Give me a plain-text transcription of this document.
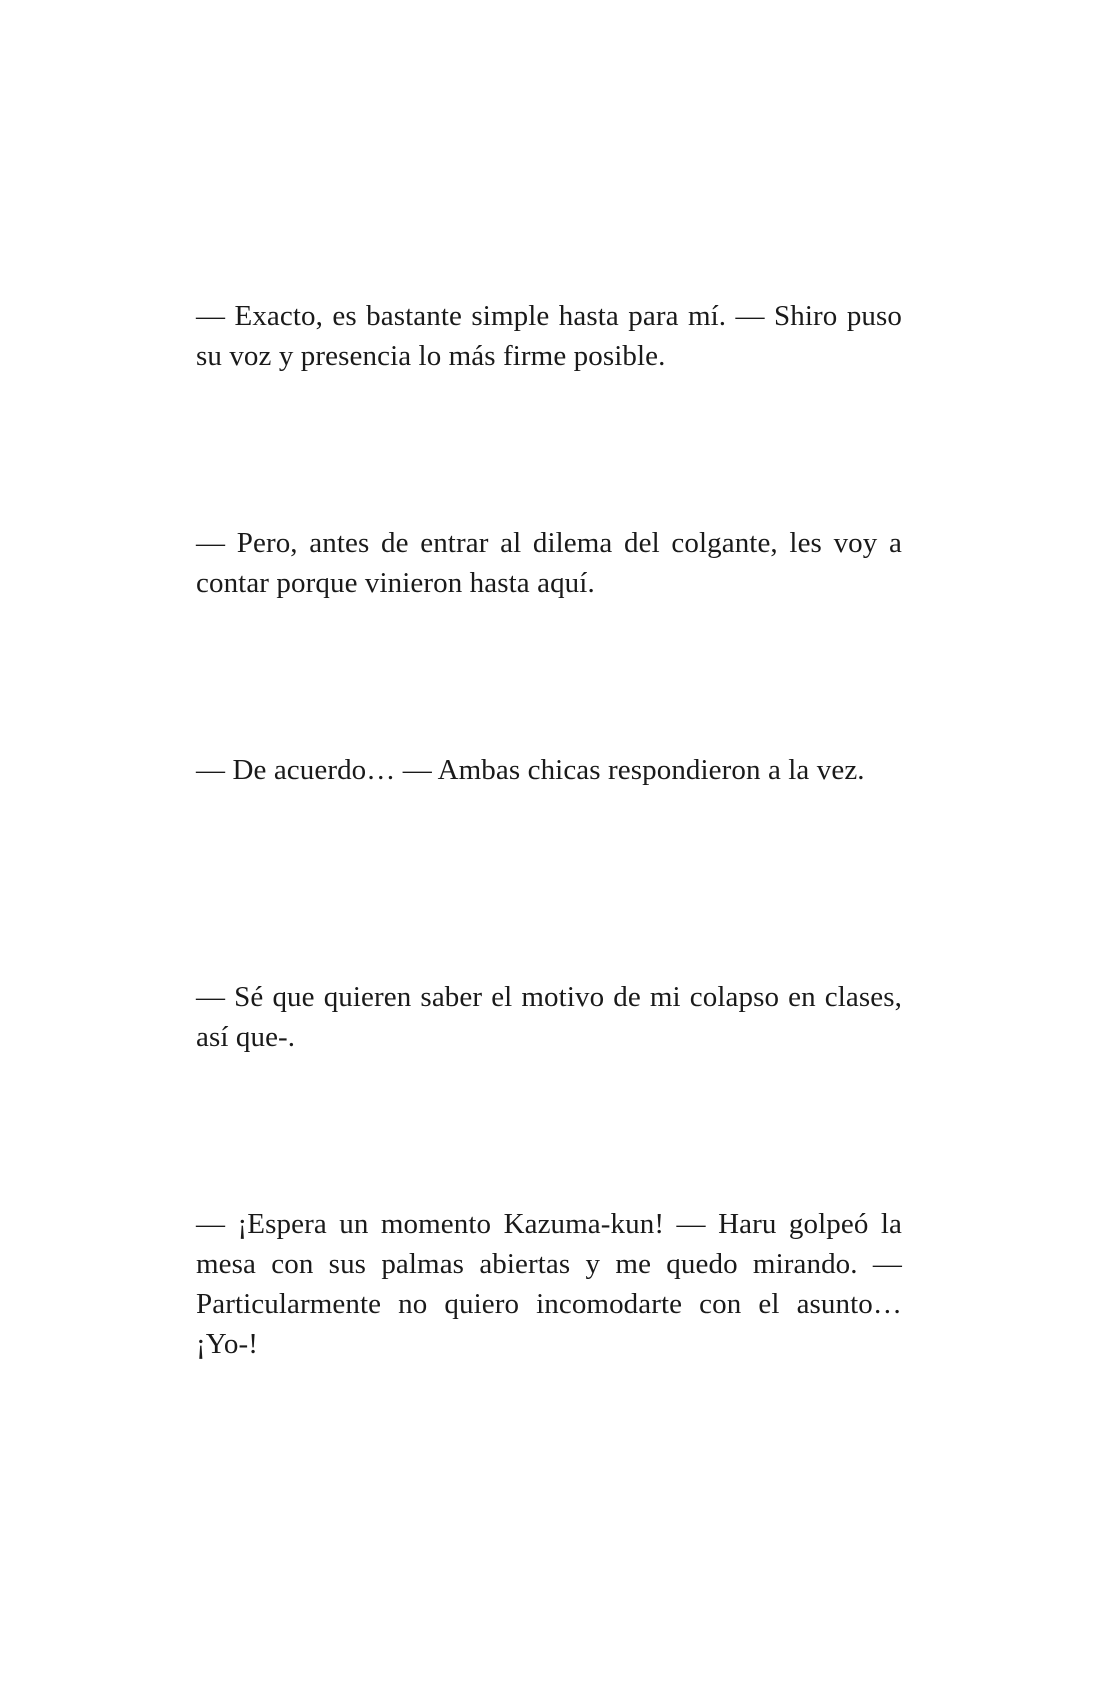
— Exacto, es bastante simple hasta para mí. — Shiro puso su voz y presencia lo más firme posible.

— Pero, antes de entrar al dilema del colgante, les voy a contar porque vinieron hasta aquí.

— De acuerdo… — Ambas chicas respondieron a la vez.

— Sé que quieren saber el motivo de mi colapso en clases, así que-.

— ¡Espera un momento Kazuma-kun! — Haru golpeó la mesa con sus palmas abiertas y me quedo mirando. — Particularmente no quiero incomodarte con el asunto… ¡Yo-!
